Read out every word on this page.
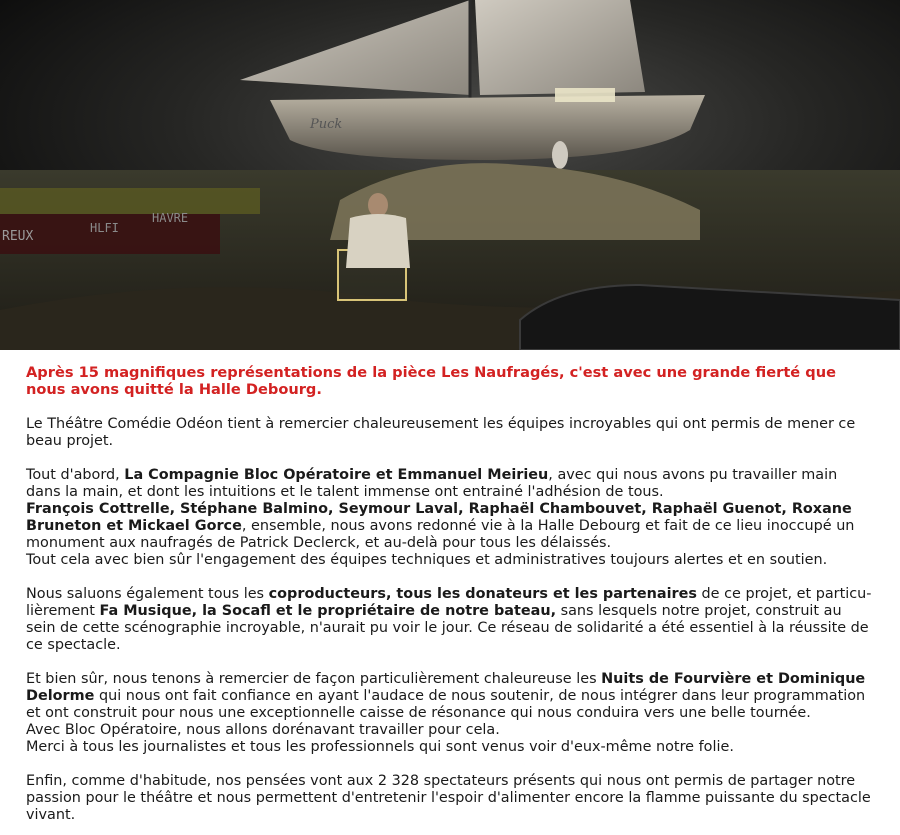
REUX
HLFI
HAVRE
Puck
Après 15 magnifiques représentations de la pièce Les Naufragés, c'est avec une grande fierté que nous avons quitté la Halle Debourg.

Le Théâtre Comédie Odéon tient à remercier chaleureusement les équipes incroyables qui ont permis de mener ce beau projet.

Tout d'abord, La Compagnie Bloc Opératoire et Emmanuel Meirieu, avec qui nous avons pu travailler main dans la main, et dont les intuitions et le talent immense ont entrainé l'adhésion de tous.
François Cottrelle, Stéphane Balmino, Seymour Laval, Raphaël Chambouvet, Raphaël Guenot, Roxane Bruneton et Mickael Gorce, ensemble, nous avons redonné vie à la Halle Debourg et fait de ce lieu inoccupé un monument aux naufragés de Patrick Declerck, et au-delà pour tous les délaissés.
Tout cela avec bien sûr l'engagement des équipes techniques et administratives toujours alertes et en soutien.

Nous saluons également tous les coproducteurs, tous les donateurs et les partenaires de ce projet, et particu-lièrement Fa Musique, la Socafl et le propriétaire de notre bateau, sans lesquels notre projet, construit au sein de cette scénographie incroyable, n'aurait pu voir le jour. Ce réseau de solidarité a été essentiel à la réussite de ce spectacle.

Et bien sûr, nous tenons à remercier de façon particulièrement chaleureuse les Nuits de Fourvière et Dominique Delorme qui nous ont fait confiance en ayant l'audace de nous soutenir, de nous intégrer dans leur programmation et ont construit pour nous une exceptionnelle caisse de résonance qui nous conduira vers une belle tournée.
Avec Bloc Opératoire, nous allons dorénavant travailler pour cela.
Merci à tous les journalistes et tous les professionnels qui sont venus voir d'eux-même notre folie.

Enfin, comme d'habitude, nos pensées vont aux 2 328 spectateurs présents qui nous ont permis de partager notre passion pour le théâtre et nous permettent d'entretenir l'espoir d'alimenter encore la flamme puissante du spectacle vivant.
